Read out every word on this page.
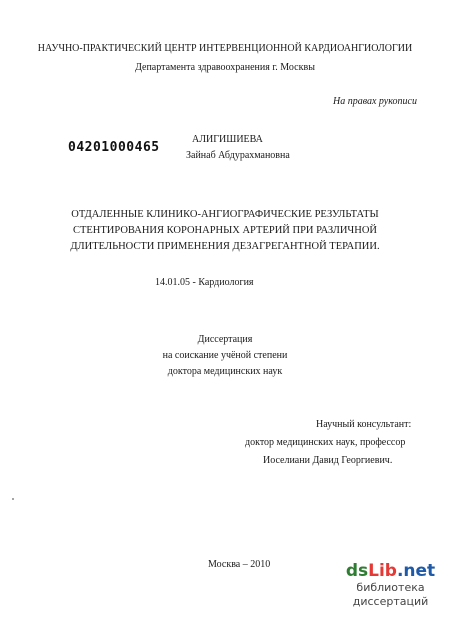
НАУЧНО-ПРАКТИЧЕСКИЙ ЦЕНТР ИНТЕРВЕНЦИОННОЙ КАРДИОАНГИОЛОГИИ
Департамента здравоохранения г. Москвы
На правах рукописи
04201000465
АЛИГИШИЕВА
Зайнаб Абдурахмановна
ОТДАЛЕННЫЕ КЛИНИКО-АНГИОГРАФИЧЕСКИЕ РЕЗУЛЬТАТЫ
СТЕНТИРОВАНИЯ КОРОНАРНЫХ АРТЕРИЙ ПРИ РАЗЛИЧНОЙ
ДЛИТЕЛЬНОСТИ ПРИМЕНЕНИЯ ДЕЗАГРЕГАНТНОЙ ТЕРАПИИ.
14.01.05 - Кардиология
Диссертация
на соискание учёной степени
доктора медицинских наук
Научный консультант:
доктор медицинских наук, профессор
Иоселиани Давид Георгиевич.
Москва – 2010	dsLib.net
библиотека диссертаций
